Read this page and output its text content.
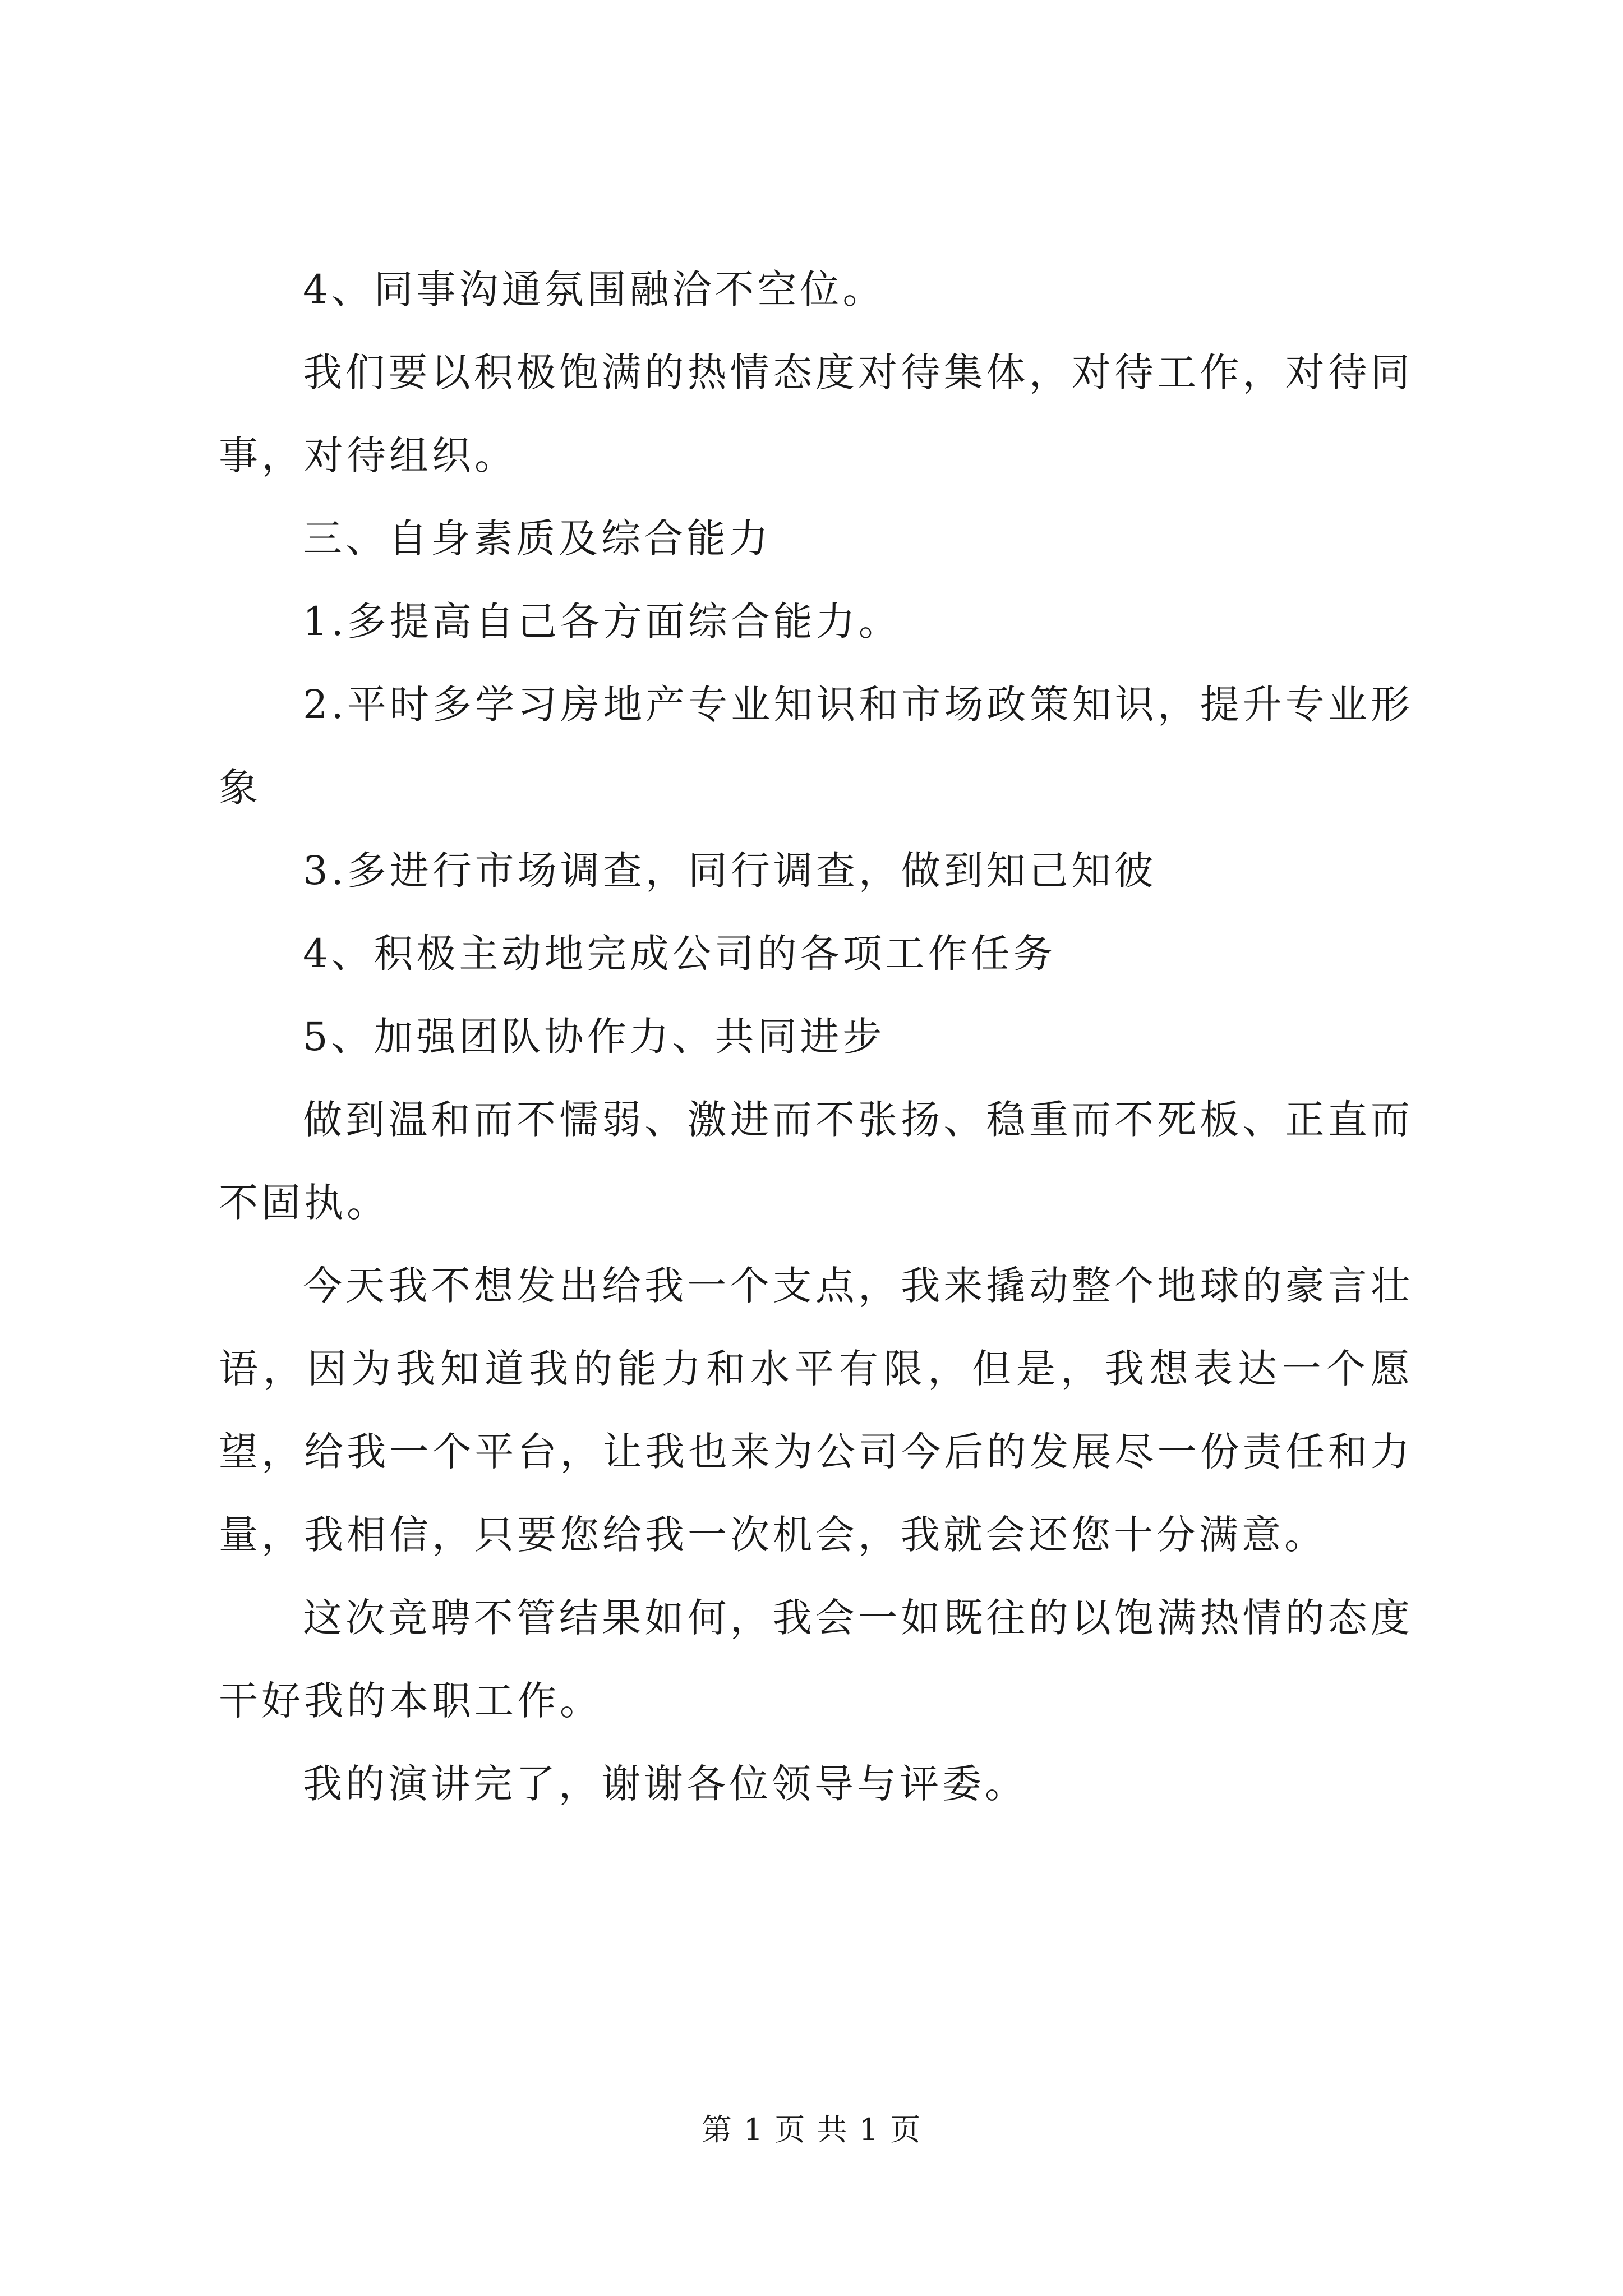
4、同事沟通氛围融洽不空位。

我们要以积极饱满的热情态度对待集体，对待工作，对待同事，对待组织。

三、自身素质及综合能力

1.多提高自己各方面综合能力。

2.平时多学习房地产专业知识和市场政策知识，提升专业形象

3.多进行市场调查，同行调查，做到知己知彼

4、积极主动地完成公司的各项工作任务

5、加强团队协作力、共同进步

做到温和而不懦弱、激进而不张扬、稳重而不死板、正直而不固执。

今天我不想发出给我一个支点，我来撬动整个地球的豪言壮语，因为我知道我的能力和水平有限，但是，我想表达一个愿望，给我一个平台，让我也来为公司今后的发展尽一份责任和力量，我相信，只要您给我一次机会，我就会还您十分满意。

这次竞聘不管结果如何，我会一如既往的以饱满热情的态度干好我的本职工作。

我的演讲完了，谢谢各位领导与评委。

第 1 页 共 1 页
